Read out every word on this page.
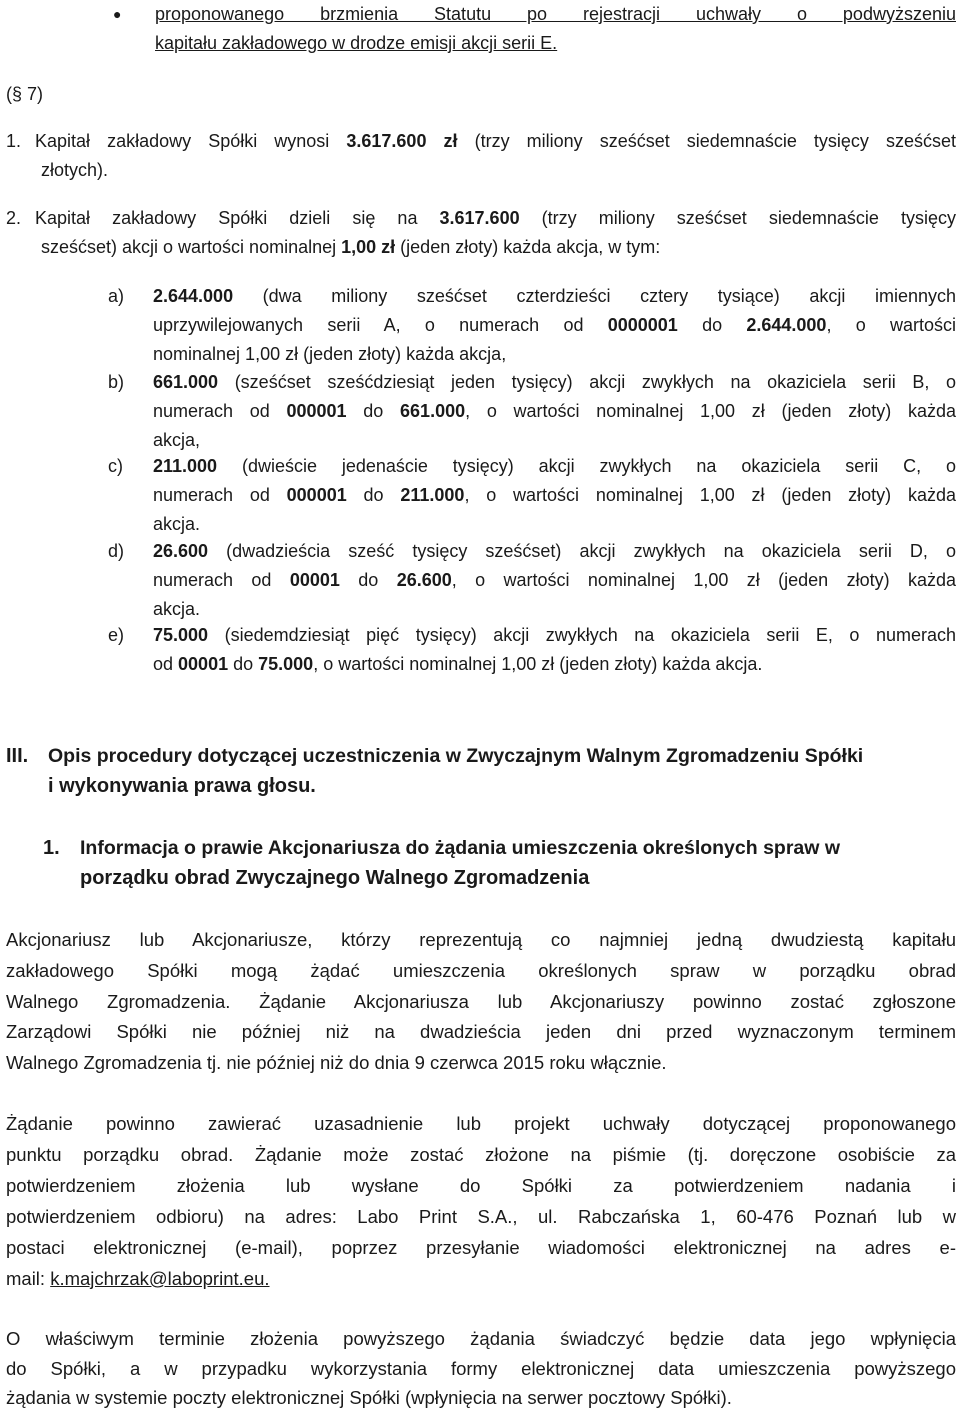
● proponowanego brzmienia Statutu po rejestracji uchwały o podwyższeniu
kapitału zakładowego w drodze emisji akcji serii E.
(§ 7)
1. Kapitał zakładowy Spółki wynosi 3.617.600 zł (trzy miliony sześćset siedemnaście tysięcy sześćset
złotych).
2. Kapitał zakładowy Spółki dzieli się na 3.617.600 (trzy miliony sześćset siedemnaście tysięcy
sześćset) akcji o wartości nominalnej 1,00 zł (jeden złoty) każda akcja, w tym:
a) 2.644.000 (dwa miliony sześćset czterdzieści cztery tysiące) akcji imiennych
uprzywilejowanych serii A, o numerach od 0000001 do 2.644.000, o wartości
nominalnej 1,00 zł (jeden złoty) każda akcja,
b) 661.000 (sześćset sześćdziesiąt jeden tysięcy) akcji zwykłych na okaziciela serii B, o
numerach od 000001 do 661.000, o wartości nominalnej 1,00 zł (jeden złoty) każda
akcja,
c) 211.000 (dwieście jedenaście tysięcy) akcji zwykłych na okaziciela serii C, o
numerach od 000001 do 211.000, o wartości nominalnej 1,00 zł (jeden złoty) każda
akcja.
d) 26.600 (dwadzieścia sześć tysięcy sześćset) akcji zwykłych na okaziciela serii D, o
numerach od 00001 do 26.600, o wartości nominalnej 1,00 zł (jeden złoty) każda
akcja.
e) 75.000 (siedemdziesiąt pięć tysięcy) akcji zwykłych na okaziciela serii E, o numerach
od 00001 do 75.000, o wartości nominalnej 1,00 zł (jeden złoty) każda akcja.
III. Opis procedury dotyczącej uczestniczenia w Zwyczajnym Walnym Zgromadzeniu Spółki
i wykonywania prawa głosu.
1. Informacja o prawie Akcjonariusza do żądania umieszczenia określonych spraw w
porządku obrad Zwyczajnego Walnego Zgromadzenia
Akcjonariusz lub Akcjonariusze, którzy reprezentują co najmniej jedną dwudziestą kapitału
zakładowego Spółki mogą żądać umieszczenia określonych spraw w porządku obrad
Walnego Zgromadzenia. Żądanie Akcjonariusza lub Akcjonariuszy powinno zostać zgłoszone
Zarządowi Spółki nie później niż na dwadzieścia jeden dni przed wyznaczonym terminem
Walnego Zgromadzenia tj. nie później niż do dnia 9 czerwca 2015 roku włącznie.
Żądanie powinno zawierać uzasadnienie lub projekt uchwały dotyczącej proponowanego
punktu porządku obrad. Żądanie może zostać złożone na piśmie (tj. doręczone osobiście za
potwierdzeniem złożenia lub wysłane do Spółki za potwierdzeniem nadania i
potwierdzeniem odbioru) na adres: Labo Print S.A., ul. Rabczańska 1, 60-476 Poznań lub w
postaci elektronicznej (e-mail), poprzez przesyłanie wiadomości elektronicznej na adres e-
mail: k.majchrzak@laboprint.eu.
O właściwym terminie złożenia powyższego żądania świadczyć będzie data jego wpłynięcia
do Spółki, a w przypadku wykorzystania formy elektronicznej data umieszczenia powyższego
żądania w systemie poczty elektronicznej Spółki (wpłynięcia na serwer pocztowy Spółki).
